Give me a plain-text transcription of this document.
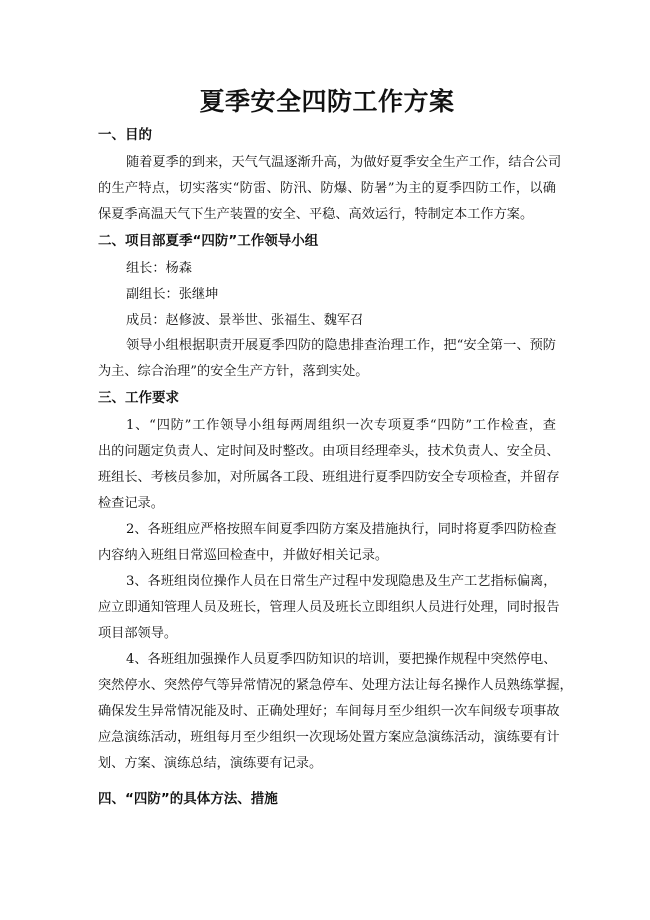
夏季安全四防工作方案
一、目的
随着夏季的到来，天气气温逐渐升高，为做好夏季安全生产工作，结合公司
的生产特点，切实落实“防雷、防汛、防爆、防暑”为主的夏季四防工作，以确
保夏季高温天气下生产装置的安全、平稳、高效运行，特制定本工作方案。
二、项目部夏季“四防”工作领导小组
组长：杨森
副组长：张继坤
成员：赵修波、景举世、张福生、魏军召
领导小组根据职责开展夏季四防的隐患排查治理工作，把“安全第一、预防
为主、综合治理”的安全生产方针，落到实处。
三、工作要求
1、“四防”工作领导小组每两周组织一次专项夏季“四防”工作检查，查
出的问题定负责人、定时间及时整改。由项目经理牵头，技术负责人、安全员、
班组长、考核员参加，对所属各工段、班组进行夏季四防安全专项检查，并留存
检查记录。
2、各班组应严格按照车间夏季四防方案及措施执行，同时将夏季四防检查
内容纳入班组日常巡回检查中，并做好相关记录。
3、各班组岗位操作人员在日常生产过程中发现隐患及生产工艺指标偏离，
应立即通知管理人员及班长，管理人员及班长立即组织人员进行处理，同时报告
项目部领导。
4、各班组加强操作人员夏季四防知识的培训，要把操作规程中突然停电、
突然停水、突然停气等异常情况的紧急停车、处理方法让每名操作人员熟练掌握，
确保发生异常情况能及时、正确处理好；车间每月至少组织一次车间级专项事故
应急演练活动，班组每月至少组织一次现场处置方案应急演练活动，演练要有计
划、方案、演练总结，演练要有记录。
四、“四防”的具体方法、措施
